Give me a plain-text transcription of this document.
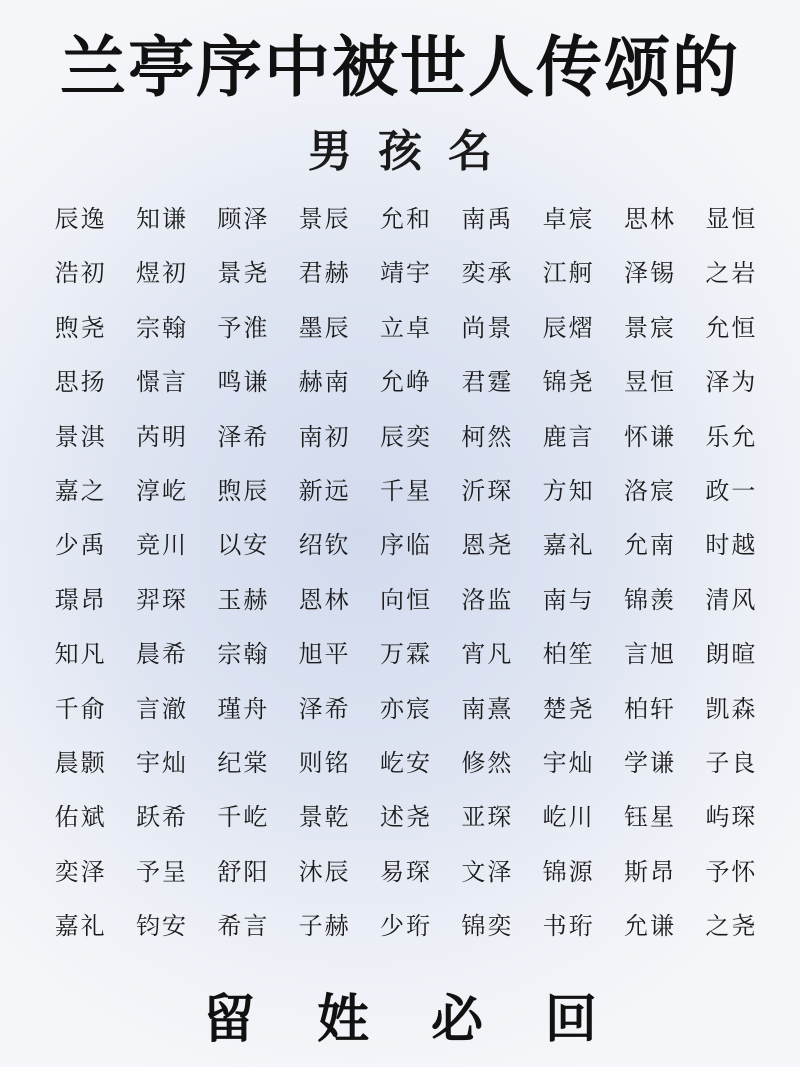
兰亭序中被世人传颂的
男孩名
辰逸	知谦	顾泽	景辰	允和	南禹	卓宸	思林	显恒
浩初	煜初	景尧	君赫	靖宇	奕承	江舸	泽锡	之岩
煦尧	宗翰	予淮	墨辰	立卓	尚景	辰熠	景宸	允恒
思扬	憬言	鸣谦	赫南	允峥	君霆	锦尧	昱恒	泽为
景淇	芮明	泽希	南初	辰奕	柯然	鹿言	怀谦	乐允
嘉之	淳屹	煦辰	新远	千星	沂琛	方知	洛宸	政一
少禹	竞川	以安	绍钦	序临	恩尧	嘉礼	允南	时越
璟昂	羿琛	玉赫	恩林	向恒	洛监	南与	锦羡	清风
知凡	晨希	宗翰	旭平	万霖	宵凡	柏笙	言旭	朗暄
千俞	言澈	瑾舟	泽希	亦宸	南熹	楚尧	柏轩	凯森
晨颢	宇灿	纪棠	则铭	屹安	修然	宇灿	学谦	子良
佑斌	跃希	千屹	景乾	述尧	亚琛	屹川	钰星	屿琛
奕泽	予呈	舒阳	沐辰	易琛	文泽	锦源	斯昂	予怀
嘉礼	钧安	希言	子赫	少珩	锦奕	书珩	允谦	之尧
留姓必回
